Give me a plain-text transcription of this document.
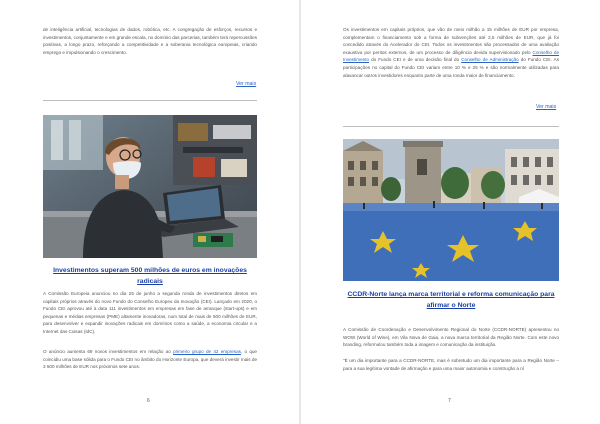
de inteligência artificial, tecnologias de dados, robótica, etc. A congregação de esforços, recursos e investimentos, conjuntamente e em grande escala, no domínio das parcerias, também terá repercussões positivas, a longo prazo, reforçando a competitividade e a soberania tecnológica europeias, criando emprego e impulsionando o crescimento.

Ver mais

Investimentos superam 500 milhões de euros em inovações radicais

A Comissão Europeia anunciou no dia 25 de junho a segunda ronda de investimentos diretos em capitais próprios através do novo Fundo do Conselho Europeu da Inovação (CEI). Lançado em 2020, o Fundo CEI aprovou até à data 111 investimentos em empresas em fase de arranque (start-ups) e em pequenas e médias empresas (PME) altamente inovadoras, num total de mais de 500 milhões de EUR, para desenvolver e expandir inovações radicais em domínios como a saúde, a economia circular e a Internet das Coisas (IdC).

O anúncio aumenta 69 novos investimentos em relação ao primeiro grupo de 42 empresas, o que coincidiu uma base sólida para o Fundo CEI no âmbito do Horizonte Europa, que deverá investir mais de 3 500 milhões de EUR nos próximos sete anos.

6

Os investimentos em capitais próprios, que vão de meio milhão a 15 milhões de EUR por empresa, complementam o financiamento sob a forma de subvenções até 2,5 milhões de EUR, que já foi concedido através do Acelerador do CEI. Todos os investimentos são processados de uma avaliação exaustiva por peritos externos, de um processo de diligência devida supervisionado pelo Conselho de Investimento do Fundo CEI e de uma decisão final do Conselho de Administração do Fundo CEI. As participações no capital do Fundo CEI variam entre 10 % e 25 % e são normalmente utilizadas para alavancar outros investidores enquanto parte de uma ronda maior de financiamento.

Ver mais

CCDR-Norte lança marca territorial e reforma comunicação para afirmar o Norte

A Comissão de Coordenação e Desenvolvimento Regional do Norte (CCDR-NORTE) apresentou no WOW (World of Wine), em Vila Nova de Gaia, a nova marca territorial da Região Norte. Com este novo branding, reformulou também toda a imagem e comunicação da instituição.

"É um dia importante para a CCDR-NORTE, mas é sobretudo um dia importante para a Região Norte – para a sua legítima vontade de afirmação e para uma maior autonomia e construção a ní

7
